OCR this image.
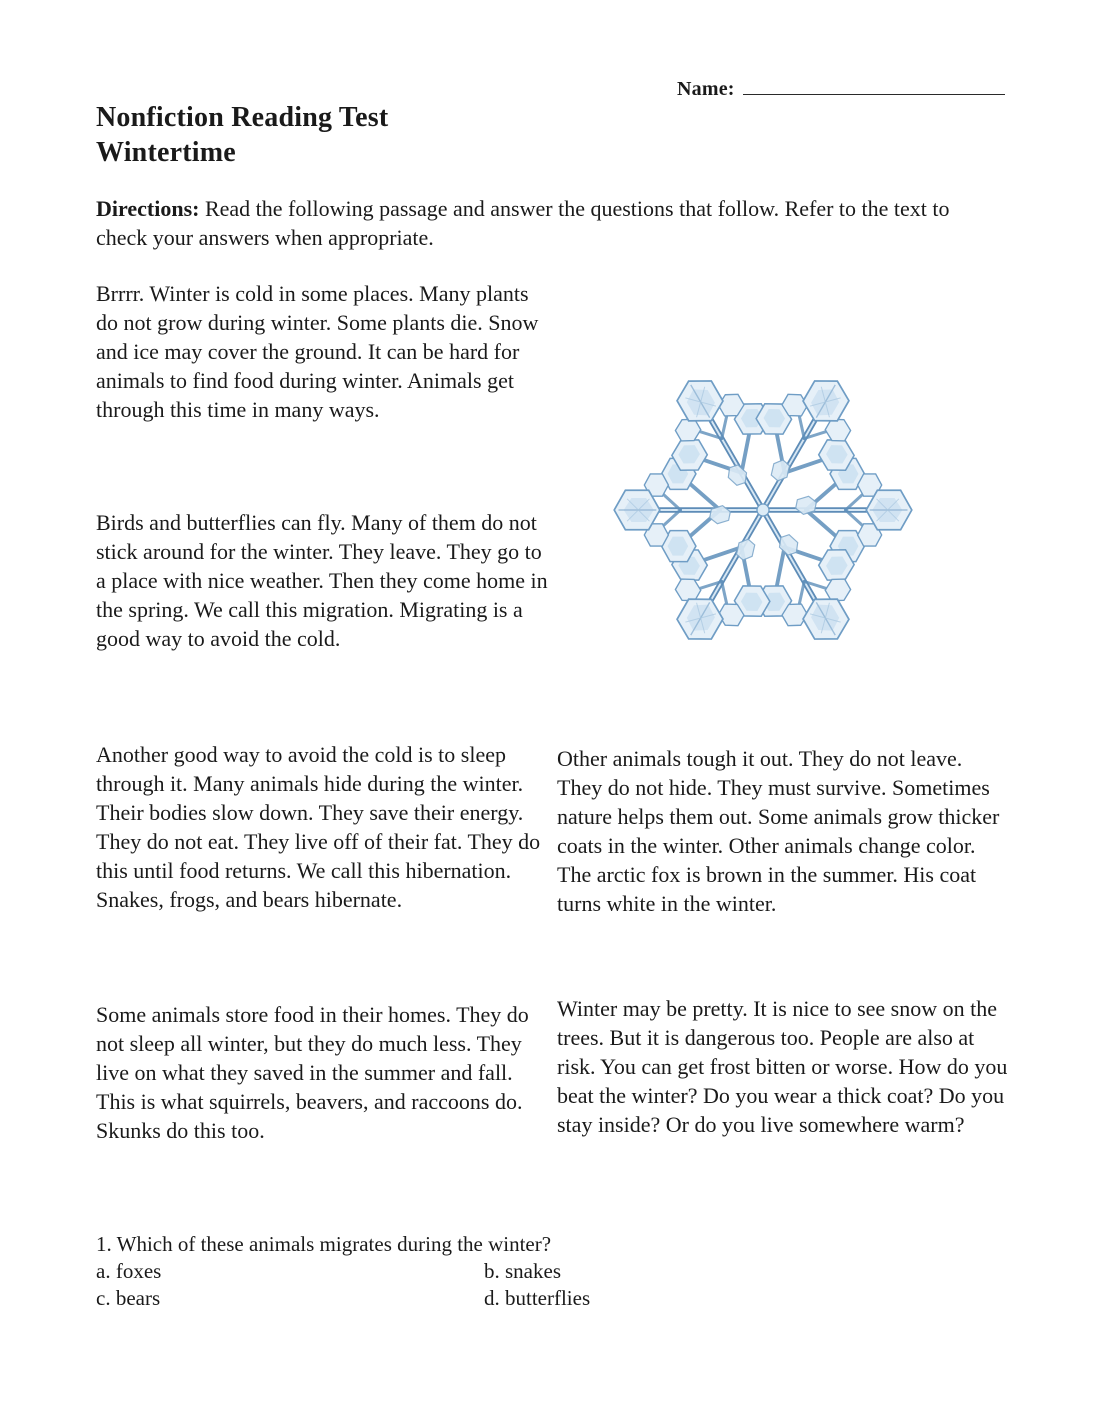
Name:
Nonfiction Reading Test
Wintertime
Directions: Read the following passage and answer the questions that follow. Refer to the text to check your answers when appropriate.
Brrrr. Winter is cold in some places. Many plants do not grow during winter. Some plants die. Snow and ice may cover the ground. It can be hard for animals to find food during winter. Animals get through this time in many ways.
Birds and butterflies can fly. Many of them do not stick around for the winter. They leave. They go to a place with nice weather. Then they come home in the spring. We call this migration. Migrating is a good way to avoid the cold.
Another good way to avoid the cold is to sleep through it. Many animals hide during the winter. Their bodies slow down. They save their energy. They do not eat. They live off of their fat. They do this until food returns. We call this hibernation. Snakes, frogs, and bears hibernate.
Other animals tough it out. They do not leave. They do not hide. They must survive. Sometimes nature helps them out. Some animals grow thicker coats in the winter. Other animals change color. The arctic fox is brown in the summer. His coat turns white in the winter.
Some animals store food in their homes. They do not sleep all winter, but they do much less. They live on what they saved in the summer and fall. This is what squirrels, beavers, and raccoons do. Skunks do this too.
Winter may be pretty. It is nice to see snow on the trees. But it is dangerous too. People are also at risk. You can get frost bitten or worse. How do you beat the winter? Do you wear a thick coat? Do you stay inside? Or do you live somewhere warm?
1. Which of these animals migrates during the winter?
a. foxes	b. snakes
c. bears	d. butterflies
